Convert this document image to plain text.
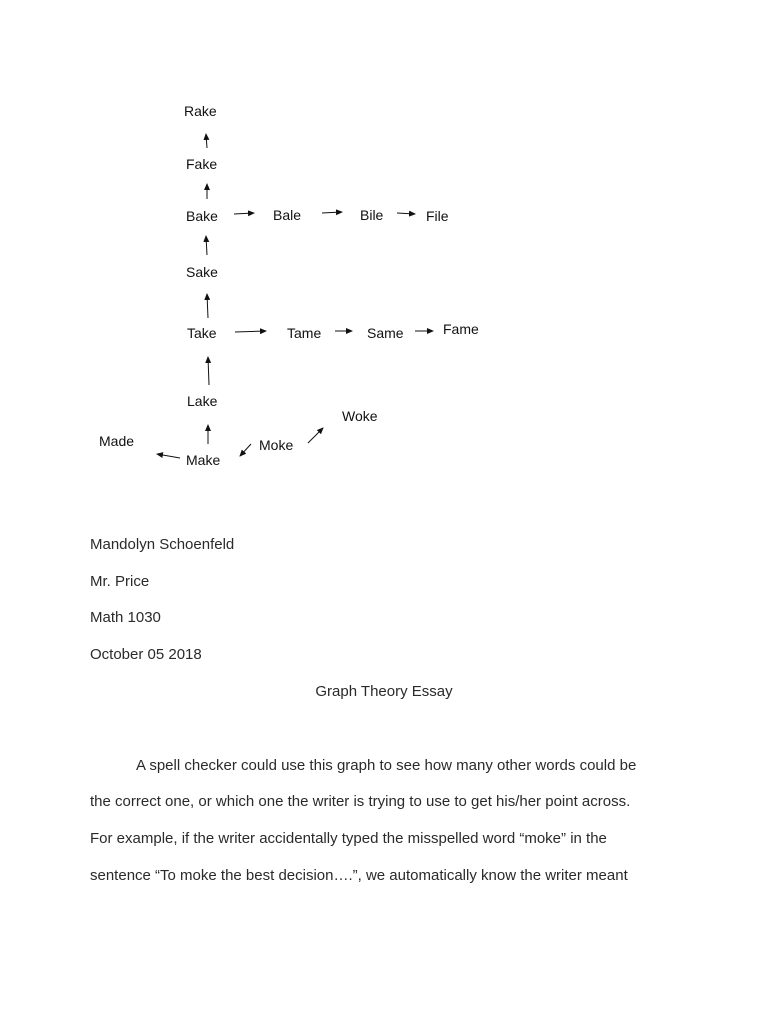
Rake
Fake
Bake	Bale	Bile	File
Sake
Take	Tame	Same	Fame
Lake
Made
Make
Moke
Woke
Mandolyn Schoenfeld
Mr. Price
Math 1030
October 05 2018
Graph Theory Essay
A spell checker could use this graph to see how many other words could be
the correct one, or which one the writer is trying to use to get his/her point across.
For example, if the writer accidentally typed the misspelled word “moke” in the
sentence “To moke the best decision….”, we automatically know the writer meant
